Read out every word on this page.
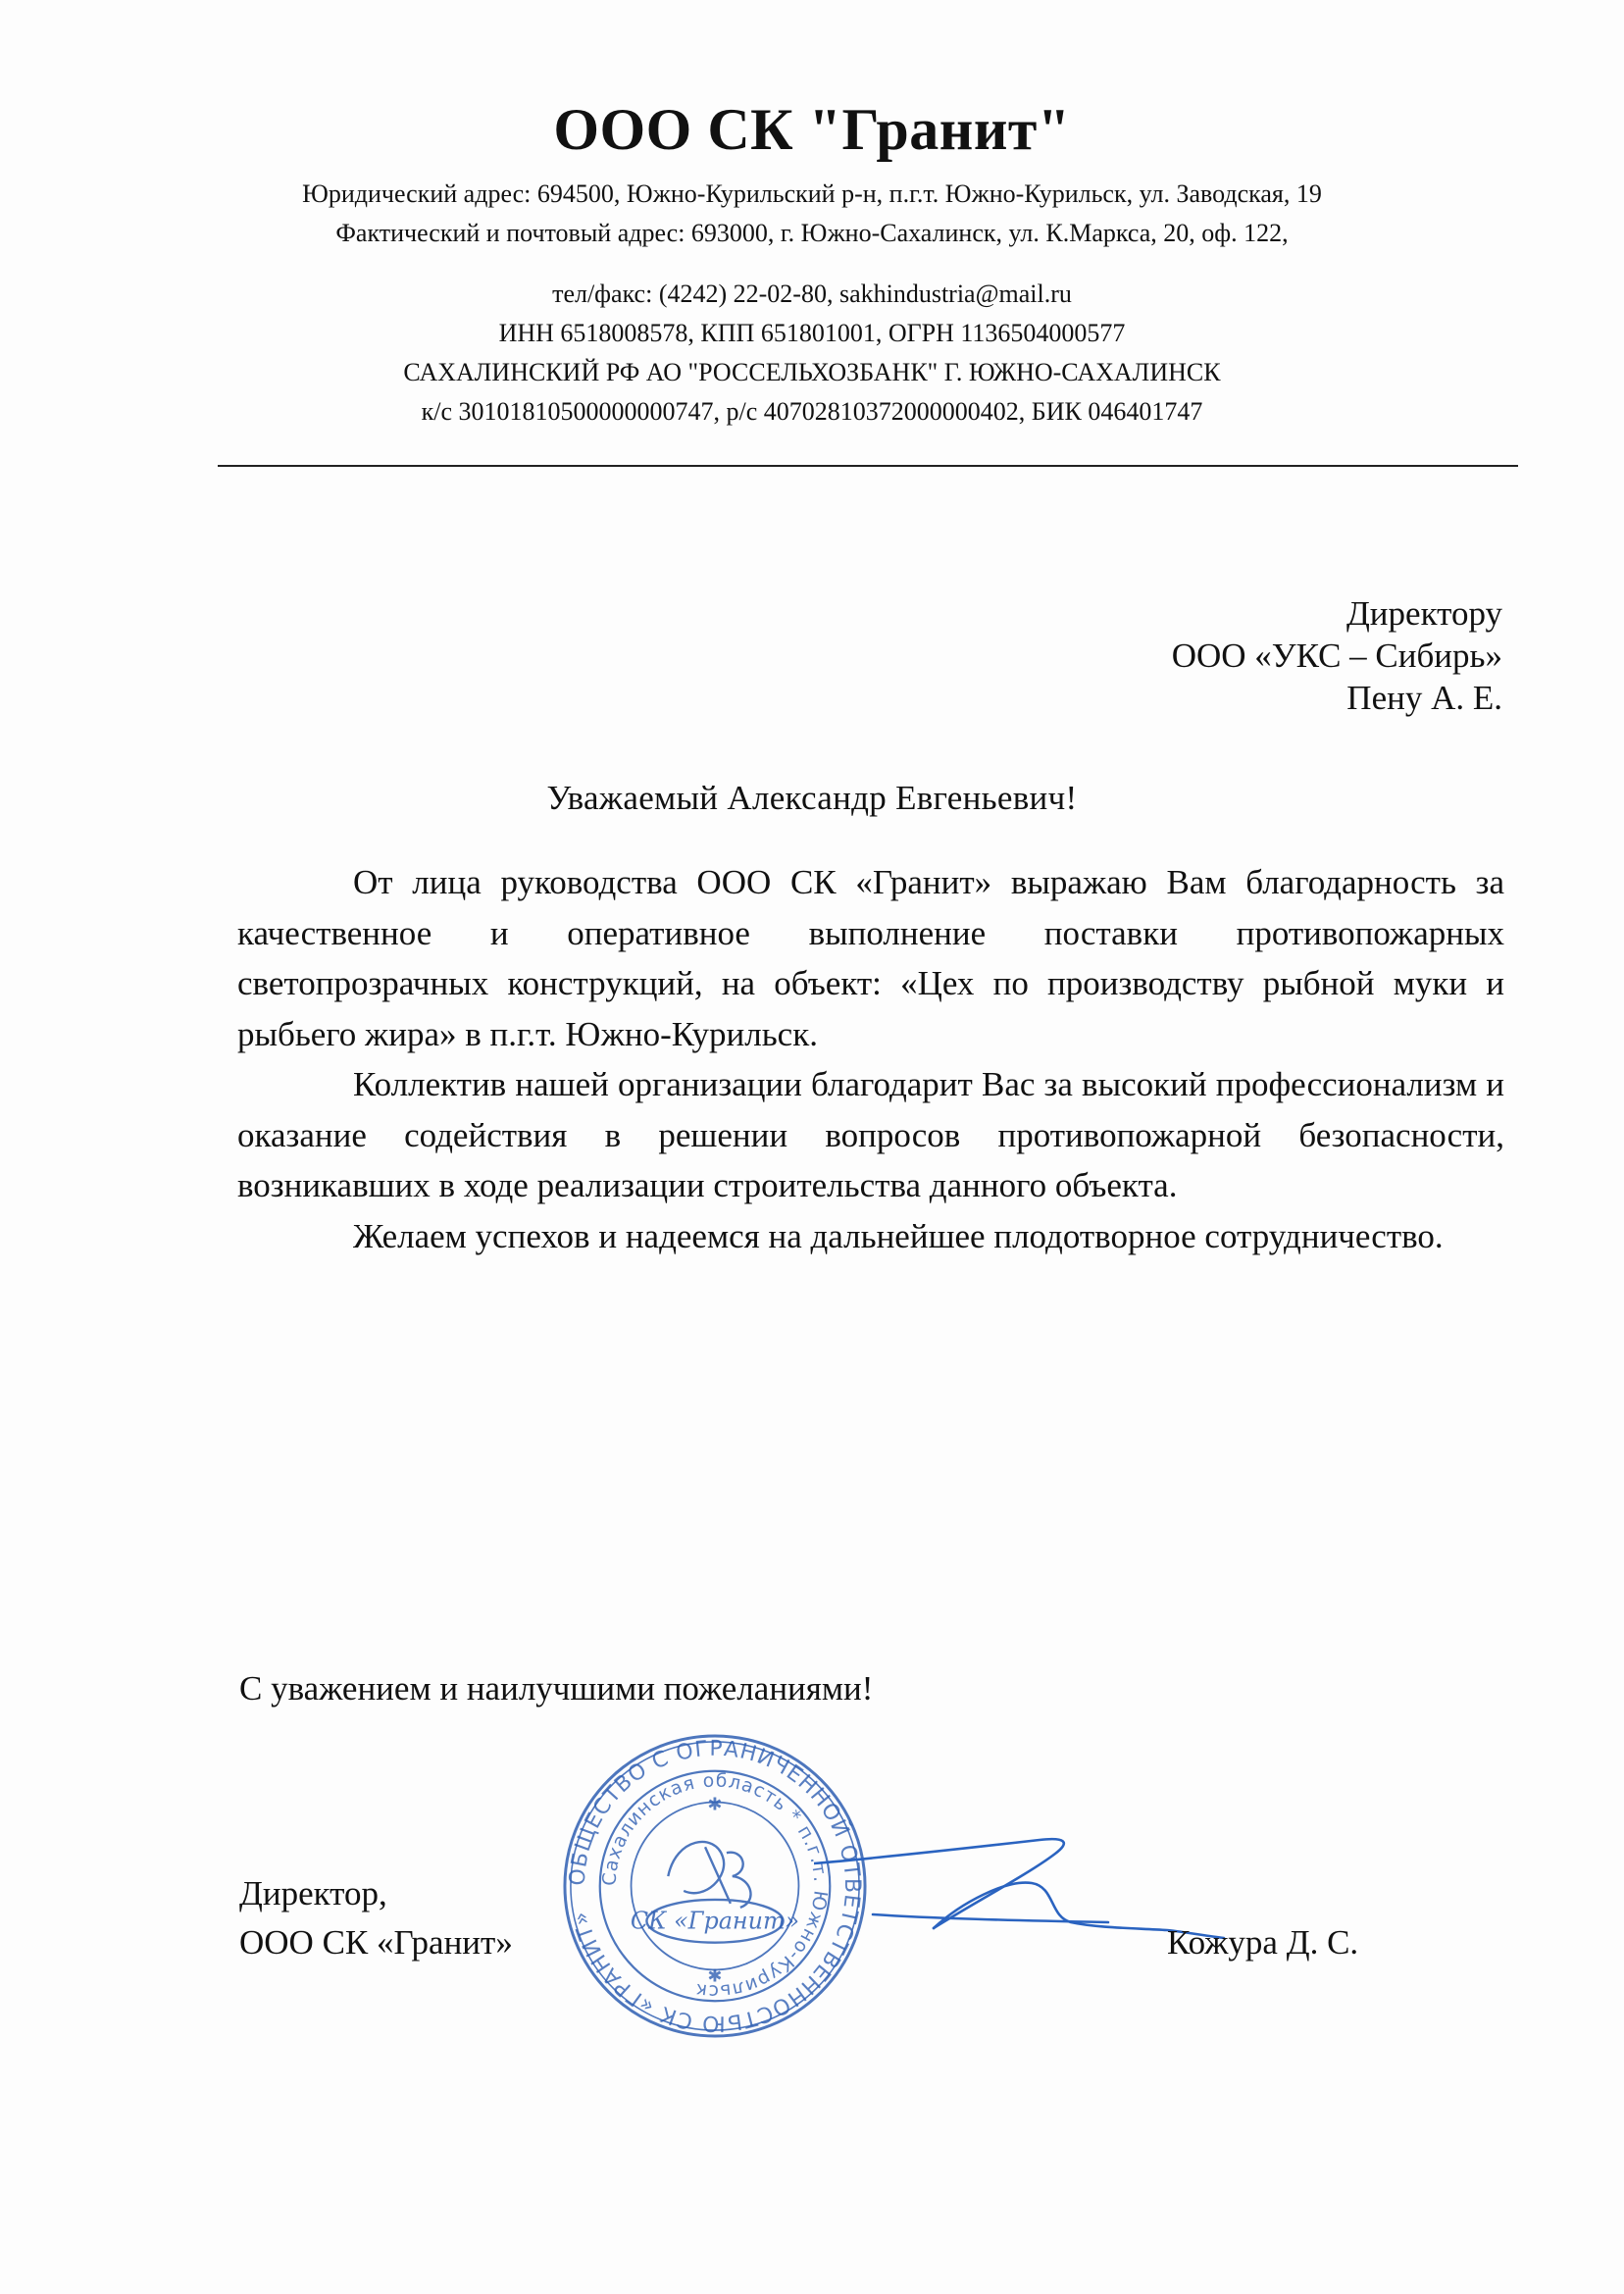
ООО СК "Гранит"
Юридический адрес: 694500, Южно-Курильский р-н, п.г.т. Южно-Курильск, ул. Заводская, 19
Фактический и почтовый адрес: 693000, г. Южно-Сахалинск, ул. К.Маркса, 20, оф. 122,
тел/факс: (4242) 22-02-80, sakhindustria@mail.ru
ИНН 6518008578, КПП 651801001, ОГРН 1136504000577
САХАЛИНСКИЙ РФ АО "РОССЕЛЬХОЗБАНК" Г. ЮЖНО-САХАЛИНСК
к/с 30101810500000000747, р/с 40702810372000000402, БИК 046401747
Директору
ООО «УКС – Сибирь»
Пену А. Е.
Уважаемый Александр Евгеньевич!

От лица руководства ООО СК «Гранит» выражаю Вам благодарность за качественное и оперативное выполнение поставки противопожарных светопрозрачных конструкций, на объект: «Цех по производству рыбной муки и рыбьего жира» в п.г.т. Южно-Курильск.

Коллектив нашей организации благодарит Вас за высокий профессионализм и оказание содействия в решении вопросов противопожарной безопасности, возникавших в ходе реализации строительства данного объекта.

Желаем успехов и надеемся на дальнейшее плодотворное сотрудничество.

С уважением и наилучшими пожеланиями!
Директор,
ООО СК «Гранит»
ОБЩЕСТВО С ОГРАНИЧЕННОЙ ОТВЕТСТВЕННОСТЬЮ СК «ГРАНИТ»
Сахалинская область * п.г.т. Южно-Курильск
СК «Гранит»
✱
✱
Кожура Д. С.
